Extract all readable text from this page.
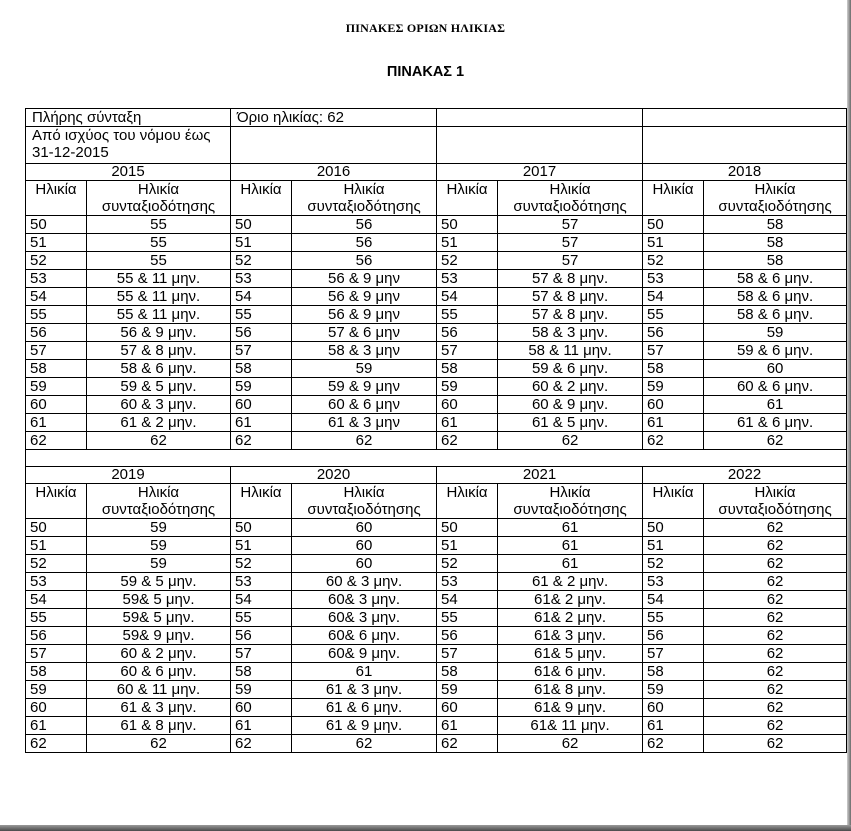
ΠΙΝΑΚΕΣ ΟΡΙΩΝ ΗΛΙΚΙΑΣ
ΠΙΝΑΚΑΣ 1
Πλήρης σύνταξη		Όριο ηλικίας: 62					
Από ισχύος του νόμου έως 31-12-2015							
2015		2016		2017		2018	
Ηλικία	Ηλικία συνταξιοδότησης	Ηλικία	Ηλικία συνταξιοδότησης	Ηλικία	Ηλικία συνταξιοδότησης	Ηλικία	Ηλικία συνταξιοδότησης
50	55	50	56	50	57	50	58
51	55	51	56	51	57	51	58
52	55	52	56	52	57	52	58
53	55 & 11 μην.	53	56 & 9 μην	53	57 & 8 μην.	53	58 & 6 μην.
54	55 & 11 μην.	54	56 & 9 μην	54	57 & 8 μην.	54	58 & 6 μην.
55	55 & 11 μην.	55	56 & 9 μην	55	57 & 8 μην.	55	58 & 6 μην.
56	56 & 9 μην.	56	57 & 6 μην	56	58 & 3 μην.	56	59
57	57 & 8 μην.	57	58 & 3 μην	57	58 & 11 μην.	57	59 & 6 μην.
58	58 & 6 μην.	58	59	58	59 & 6 μην.	58	60
59	59 & 5 μην.	59	59 & 9 μην	59	60 & 2 μην.	59	60 & 6 μην.
60	60 & 3 μην.	60	60 & 6 μην	60	60 & 9 μην.	60	61
61	61 & 2 μην.	61	61 & 3 μην	61	61 & 5 μην.	61	61 & 6 μην.
62	62	62	62	62	62	62	62

2019		2020		2021		2022	
Ηλικία	Ηλικία συνταξιοδότησης	Ηλικία	Ηλικία συνταξιοδότησης	Ηλικία	Ηλικία συνταξιοδότησης	Ηλικία	Ηλικία συνταξιοδότησης
50	59	50	60	50	61	50	62
51	59	51	60	51	61	51	62
52	59	52	60	52	61	52	62
53	59 & 5 μην.	53	60 & 3 μην.	53	61 & 2 μην.	53	62
54	59& 5 μην.	54	60& 3 μην.	54	61& 2 μην.	54	62
55	59& 5 μην.	55	60& 3 μην.	55	61& 2 μην.	55	62
56	59& 9 μην.	56	60& 6 μην.	56	61& 3 μην.	56	62
57	60 & 2 μην.	57	60& 9 μην.	57	61& 5 μην.	57	62
58	60 & 6 μην.	58	61	58	61& 6 μην.	58	62
59	60 & 11 μην.	59	61 & 3 μην.	59	61& 8 μην.	59	62
60	61 & 3 μην.	60	61 & 6 μην.	60	61& 9 μην.	60	62
61	61 & 8 μην.	61	61 & 9 μην.	61	61& 11 μην.	61	62
62	62	62	62	62	62	62	62
